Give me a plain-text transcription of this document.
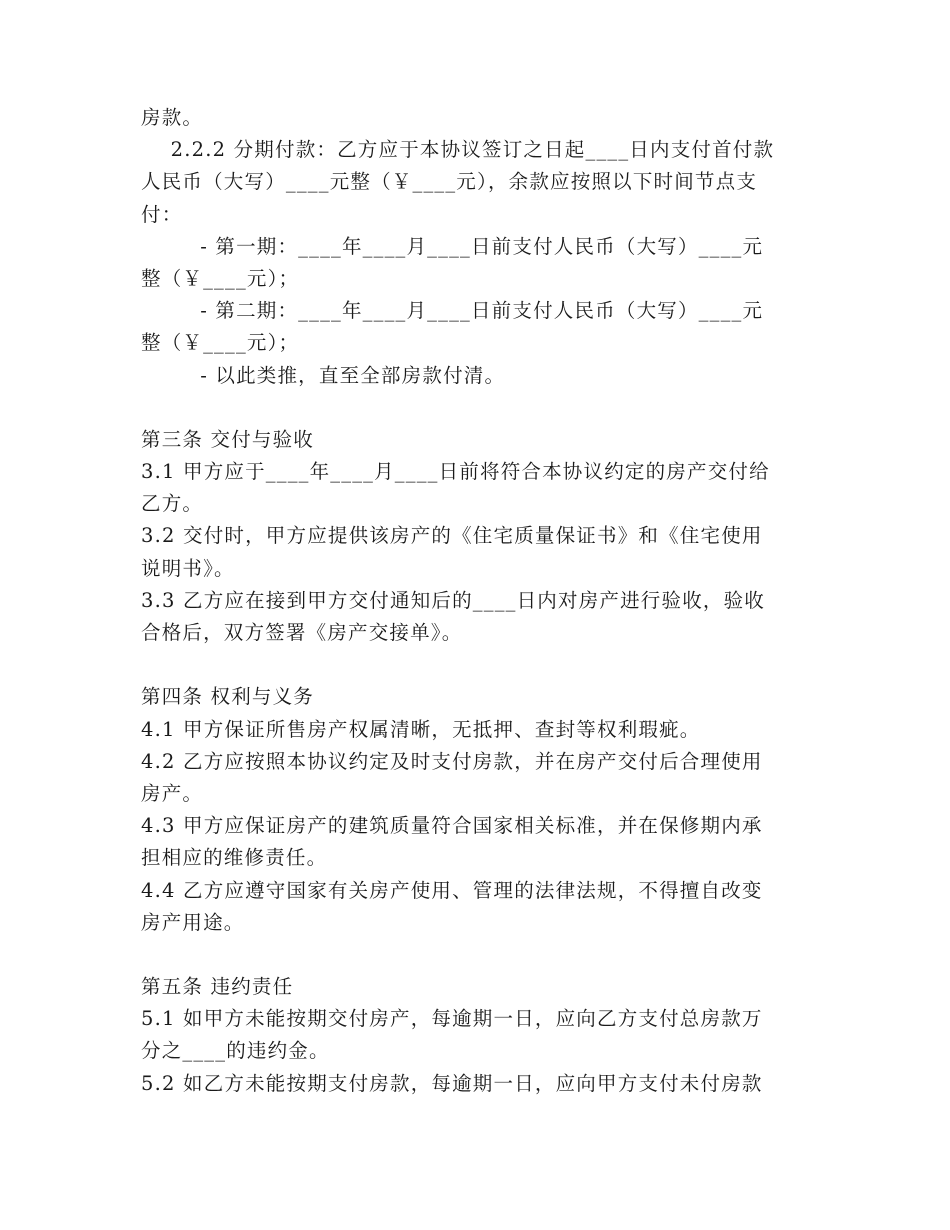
房款。
2.2.2 分期付款：乙方应于本协议签订之日起____日内支付首付款
人民币（大写）____元整（￥____元），余款应按照以下时间节点支
付：
- 第一期：____年____月____日前支付人民币（大写）____元
整（￥____元）；
- 第二期：____年____月____日前支付人民币（大写）____元
整（￥____元）；
- 以此类推，直至全部房款付清。
第三条 交付与验收
3.1 甲方应于____年____月____日前将符合本协议约定的房产交付给
乙方。
3.2 交付时，甲方应提供该房产的《住宅质量保证书》和《住宅使用
说明书》。
3.3 乙方应在接到甲方交付通知后的____日内对房产进行验收，验收
合格后，双方签署《房产交接单》。
第四条 权利与义务
4.1 甲方保证所售房产权属清晰，无抵押、查封等权利瑕疵。
4.2 乙方应按照本协议约定及时支付房款，并在房产交付后合理使用
房产。
4.3 甲方应保证房产的建筑质量符合国家相关标准，并在保修期内承
担相应的维修责任。
4.4 乙方应遵守国家有关房产使用、管理的法律法规，不得擅自改变
房产用途。
第五条 违约责任
5.1 如甲方未能按期交付房产，每逾期一日，应向乙方支付总房款万
分之____的违约金。
5.2 如乙方未能按期支付房款，每逾期一日，应向甲方支付未付房款
